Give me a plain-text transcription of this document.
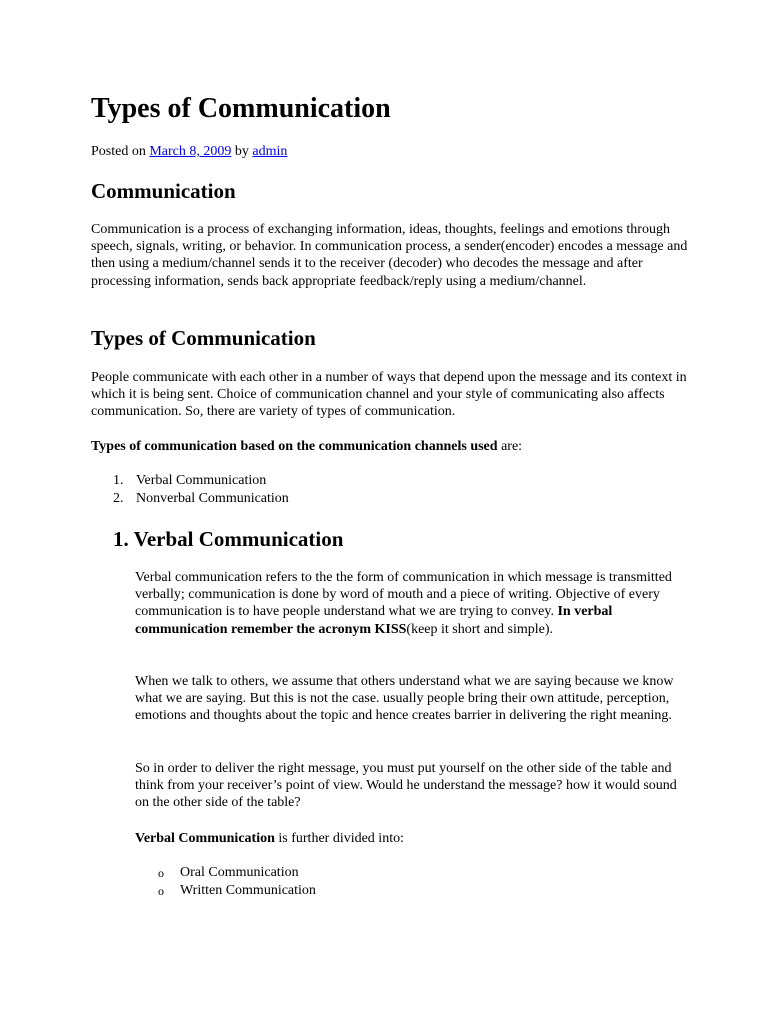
Types of Communication
Posted on March 8, 2009 by admin
Communication

Communication is a process of exchanging information, ideas, thoughts, feelings and emotions through speech, signals, writing, or behavior. In communication process, a sender(encoder) encodes a message and then using a medium/channel sends it to the receiver (decoder) who decodes the message and after processing information, sends back appropriate feedback/reply using a medium/channel.

Types of Communication

People communicate with each other in a number of ways that depend upon the message and its context in which it is being sent. Choice of communication channel and your style of communicating also affects communication. So, there are variety of types of communication.

Types of communication based on the communication channels used are:

1. Verbal Communication
2. Nonverbal Communication
1. Verbal Communication

Verbal communication refers to the the form of communication in which message is transmitted verbally; communication is done by word of mouth and a piece of writing. Objective of every communication is to have people understand what we are trying to convey. In verbal communication remember the acronym KISS(keep it short and simple).

When we talk to others, we assume that others understand what we are saying because we know what we are saying. But this is not the case. usually people bring their own attitude, perception, emotions and thoughts about the topic and hence creates barrier in delivering the right meaning.

So in order to deliver the right message, you must put yourself on the other side of the table and think from your receiver’s point of view. Would he understand the message? how it would sound on the other side of the table?

Verbal Communication is further divided into:

o Oral Communication
o Written Communication
